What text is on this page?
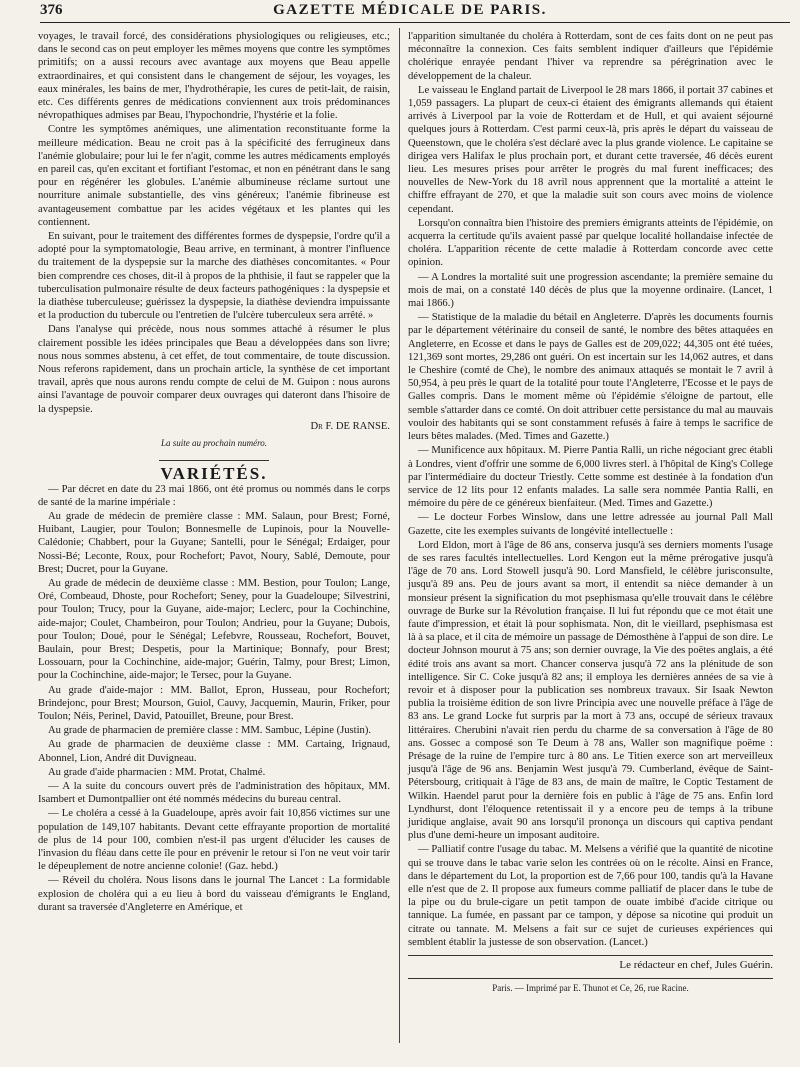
376	GAZETTE MÉDICALE DE PARIS.

voyages, le travail forcé, des considérations physiologiques ou religieuses, etc.; dans le second cas on peut employer les mêmes moyens que contre les symptômes primitifs; on a aussi recours avec avantage aux moyens que Beau appelle extraordinaires, et qui consistent dans le changement de séjour, les voyages, les eaux minérales, les bains de mer, l'hydrothérapie, les cures de petit-lait, de raisin, etc. Ces différents genres de médications conviennent aux trois prédominances névropathiques admises par Beau, l'hypochondrie, l'hystérie et la folie.

Contre les symptômes anémiques, une alimentation reconstituante forme la meilleure médication. Beau ne croit pas à la spécificité des ferrugineux dans l'anémie globulaire; pour lui le fer n'agit, comme les autres médicaments employés en pareil cas, qu'en excitant et fortifiant l'estomac, et non en pénétrant dans le sang pour en régénérer les globules. L'anémie albumineuse réclame surtout une nourriture animale substantielle, des vins généreux; l'anémie fibrineuse est avantageusement combattue par les acides végétaux et les plantes qui les contiennent.

En suivant, pour le traitement des différentes formes de dyspepsie, l'ordre qu'il a adopté pour la symptomatologie, Beau arrive, en terminant, à montrer l'influence du traitement de la dyspepsie sur la marche des diathèses concomitantes. « Pour bien comprendre ces choses, dit-il à propos de la phthisie, il faut se rappeler que la tuberculisation pulmonaire résulte de deux facteurs pathogéniques : la dyspepsie et la diathèse tuberculeuse; guérissez la dyspepsie, la diathèse deviendra impuissante et la production du tubercule ou l'entretien de l'ulcère tuberculeux sera arrêté. »

Dans l'analyse qui précède, nous nous sommes attaché à résumer le plus clairement possible les idées principales que Beau a développées dans son livre; nous nous sommes abstenu, à cet effet, de tout commentaire, de toute discussion. Nous referons rapidement, dans un prochain article, la synthèse de cet important travail, après que nous aurons rendu compte de celui de M. Guipon : nous aurons ainsi l'avantage de pouvoir comparer deux ouvrages qui dateront dans l'hisoire de la dyspepsie.

Dr F. DE RANSE.
La suite au prochain numéro.
VARIÉTÉS.

— Par décret en date du 23 mai 1866, ont été promus ou nommés dans le corps de santé de la marine impériale :

Au grade de médecin de première classe : MM. Salaun, pour Brest; Forné, Huibant, Laugier, pour Toulon; Bonnesmelle de Lupinois, pour la Nouvelle-Calédonie; Chabbert, pour la Guyane; Santelli, pour le Sénégal; Erdaiger, pour Nossi-Bé; Leconte, Roux, pour Rochefort; Pavot, Noury, Sablé, Demoute, pour Brest; Ducret, pour la Guyane.

Au grade de médecin de deuxième classe : MM. Bestion, pour Toulon; Lange, Oré, Combeaud, Dhoste, pour Rochefort; Seney, pour la Guadeloupe; Silvestrini, pour Toulon; Trucy, pour la Guyane, aide-major; Leclerc, pour la Cochinchine, aide-major; Coulet, Chambeiron, pour Toulon; Andrieu, pour la Guyane; Dubois, pour Toulon; Doué, pour le Sénégal; Lefebvre, Rousseau, Rochefort, Bouvet, Baulain, pour Brest; Despetis, pour la Martinique; Bonnafy, pour Brest; Lossouarn, pour la Cochinchine, aide-major; Guérin, Talmy, pour Brest; Limon, pour la Cochinchine, aide-major; le Tersec, pour la Guyane.

Au grade d'aide-major : MM. Ballot, Epron, Husseau, pour Rochefort; Brindejonc, pour Brest; Mourson, Guiol, Cauvy, Jacquemin, Maurin, Friker, pour Toulon; Néis, Perinel, David, Patouillet, Breune, pour Brest.

Au grade de pharmacien de première classe : MM. Sambuc, Lépine (Justin).

Au grade de pharmacien de deuxième classe : MM. Cartaing, Irignaud, Abonnel, Lion, André dit Duvigneau.

Au grade d'aide pharmacien : MM. Protat, Chalmé.

— A la suite du concours ouvert près de l'administration des hôpitaux, MM. Isambert et Dumontpallier ont été nommés médecins du bureau central.

— Le choléra a cessé à la Guadeloupe, après avoir fait 10,856 victimes sur une population de 149,107 habitants. Devant cette effrayante proportion de mortalité de plus de 14 pour 100, combien n'est-il pas urgent d'élucider les causes de l'invasion du fléau dans cette île pour en prévenir le retour si l'on ne veut voir tarir le dépeuplement de notre ancienne colonie! (Gaz. hebd.)

— Réveil du choléra. Nous lisons dans le journal The Lancet : La formidable explosion de choléra qui a eu lieu à bord du vaisseau d'émigrants le England, durant sa traversée d'Angleterre en Amérique, et

l'apparition simultanée du choléra à Rotterdam, sont de ces faits dont on ne peut pas méconnaître la connexion. Ces faits semblent indiquer d'ailleurs que l'épidémie cholérique enrayée pendant l'hiver va reprendre sa pérégrination avec le développement de la chaleur.

Le vaisseau le England partait de Liverpool le 28 mars 1866, il portait 37 cabines et 1,059 passagers. La plupart de ceux-ci étaient des émigrants allemands qui étaient arrivés à Liverpool par la voie de Rotterdam et de Hull, et qui avaient séjourné quelques jours à Rotterdam. C'est parmi ceux-là, pris après le départ du vaisseau de Queenstown, que le choléra s'est déclaré avec la plus grande violence. Le capitaine se dirigea vers Halifax le plus prochain port, et durant cette traversée, 46 décès eurent lieu. Les mesures prises pour arrêter le progrès du mal furent inefficaces; des nouvelles de New-York du 18 avril nous apprennent que la mortalité a atteint le chiffre effrayant de 270, et que la maladie suit son cours avec moins de violence cependant.

Lorsqu'on connaîtra bien l'histoire des premiers émigrants atteints de l'épidémie, on acquerra la certitude qu'ils avaient passé par quelque localité hollandaise infectée de choléra. L'apparition récente de cette maladie à Rotterdam concorde avec cette opinion.

— A Londres la mortalité suit une progression ascendante; la première semaine du mois de mai, on a constaté 140 décès de plus que la moyenne ordinaire. (Lancet, 1 mai 1866.)

— Statistique de la maladie du bétail en Angleterre. D'après les documents fournis par le département vétérinaire du conseil de santé, le nombre des bêtes attaquées en Angleterre, en Ecosse et dans le pays de Galles est de 209,022; 44,305 ont été tuées, 121,369 sont mortes, 29,286 ont guéri. On est incertain sur les 14,062 autres, et dans le Cheshire (comté de Che), le nombre des animaux attaqués se montait le 7 avril à 50,954, à peu près le quart de la totalité pour toute l'Angleterre, l'Ecosse et le pays de Galles compris. Dans le moment même où l'épidémie s'éloigne de partout, elle semble s'attarder dans ce comté. On doit attribuer cette persistance du mal au mauvais vouloir des habitants qui se sont constamment refusés à faire à temps le sacrifice de leurs bêtes malades. (Med. Times and Gazette.)

— Munificence aux hôpitaux. M. Pierre Pantia Ralli, un riche négociant grec établi à Londres, vient d'offrir une somme de 6,000 livres sterl. à l'hôpital de King's College par l'intermédiaire du docteur Triestly. Cette somme est destinée à la fondation d'un service de 12 lits pour 12 enfants malades. La salle sera nommée Pantia Ralli, en mémoire du père de ce généreux bienfaiteur. (Med. Times and Gazette.)

— Le docteur Forbes Winslow, dans une lettre adressée au journal Pall Mall Gazette, cite les exemples suivants de longévité intellectuelle :

Lord Eldon, mort à l'âge de 86 ans, conserva jusqu'à ses derniers moments l'usage de ses rares facultés intellectuelles. Lord Kengon eut la même prérogative jusqu'à l'âge de 70 ans. Lord Stowell jusqu'à 90. Lord Mansfield, le célèbre jurisconsulte, jusqu'à 89 ans. Peu de jours avant sa mort, il entendit sa nièce demander à un monsieur présent la signification du mot psephismasa qu'elle trouvait dans le célèbre ouvrage de Burke sur la Révolution française. Il lui fut répondu que ce mot était une faute d'impression, et était là pour sophismata. Non, dit le vieillard, psephismasa est là à sa place, et il cita de mémoire un passage de Démosthène à l'appui de son dire. Le docteur Johnson mourut à 75 ans; son dernier ouvrage, la Vie des poëtes anglais, a été édité trois ans avant sa mort. Chancer conserva jusqu'à 72 ans la plénitude de son intelligence. Sir C. Coke jusqu'à 82 ans; il employa les dernières années de sa vie à revoir et à disposer pour la publication ses nombreux travaux. Sir Isaak Newton publia la troisième édition de son livre Principia avec une nouvelle préface à l'âge de 83 ans. Le grand Locke fut surpris par la mort à 73 ans, occupé de sérieux travaux littéraires. Cherubini n'avait rien perdu du charme de sa conversation à l'âge de 80 ans. Gossec a composé son Te Deum à 78 ans, Waller son magnifique poëme : Présage de la ruine de l'empire turc à 80 ans. Le Titien exerce son art merveilleux jusqu'à l'âge de 96 ans. Benjamin West jusqu'à 79. Cumberland, évêque de Saint-Pétersbourg, critiquait à l'âge de 83 ans, de main de maître, le Coptic Testament de Wilkin. Haendel parut pour la dernière fois en public à l'âge de 75 ans. Enfin lord Lyndhurst, dont l'éloquence retentissait il y a encore peu de temps à la tribune juridique anglaise, avait 90 ans lorsqu'il prononça un discours qui captiva pendant plus d'une demi-heure un imposant auditoire.

— Palliatif contre l'usage du tabac. M. Melsens a vérifié que la quantité de nicotine qui se trouve dans le tabac varie selon les contrées où on le récolte. Ainsi en France, dans le département du Lot, la proportion est de 7,66 pour 100, tandis qu'à la Havane elle n'est que de 2. Il propose aux fumeurs comme palliatif de placer dans le tube de la pipe ou du brule-cigare un petit tampon de ouate imbibé d'acide citrique ou tannique. La fumée, en passant par ce tampon, y dépose sa nicotine qui produit un citrate ou tannate. M. Melsens a fait sur ce sujet de curieuses expériences qui semblent établir la justesse de son observation. (Lancet.)

Le rédacteur en chef, Jules Guérin.
Paris. — Imprimé par E. Thunot et Ce, 26, rue Racine.
